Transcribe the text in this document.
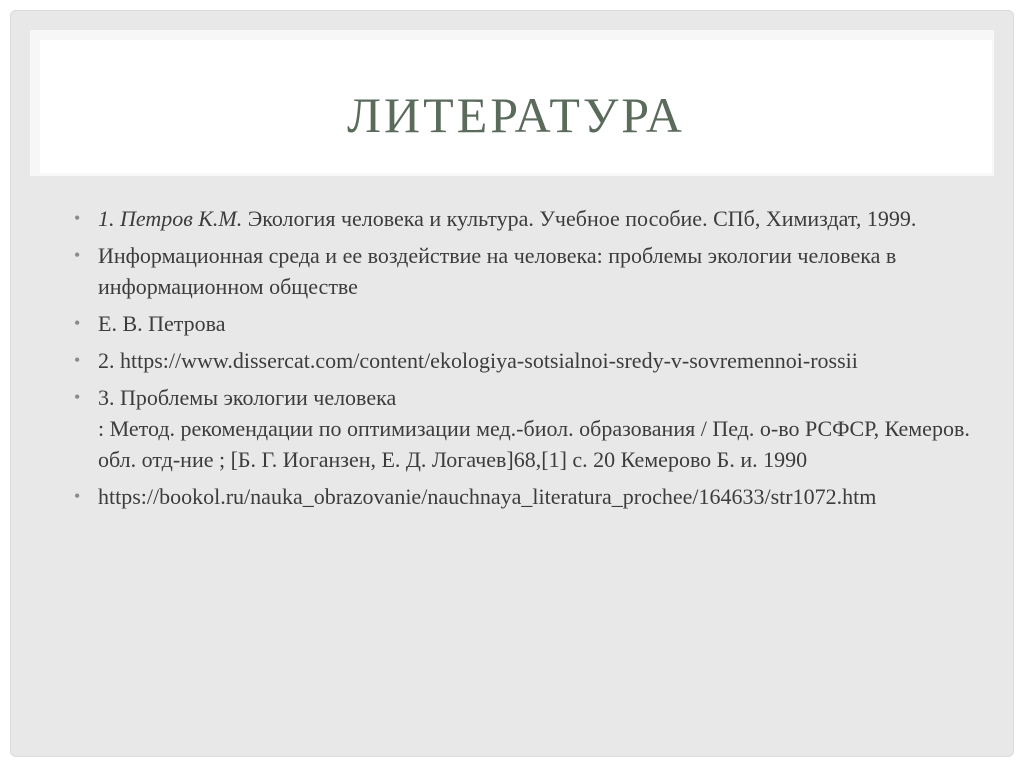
ЛИТЕРАТУРА
• 1. Петров К.М. Экология человека и культура. Учебное пособие. СПб, Химиздат, 1999.
• Информационная среда и ее воздействие на человека: проблемы экологии человека в информационном обществе
• Е. В. Петрова
• 2. https://www.dissercat.com/content/ekologiya-sotsialnoi-sredy-v-sovremennoi-rossii
• 3. Проблемы экологии человека
: Метод. рекомендации по оптимизации мед.-биол. образования / Пед. о-во РСФСР, Кемеров. обл. отд-ние ; [Б. Г. Иоганзен, Е. Д. Логачев]68,[1] с. 20 Кемерово Б. и. 1990
• https://bookol.ru/nauka_obrazovanie/nauchnaya_literatura_prochee/164633/str1072.htm
